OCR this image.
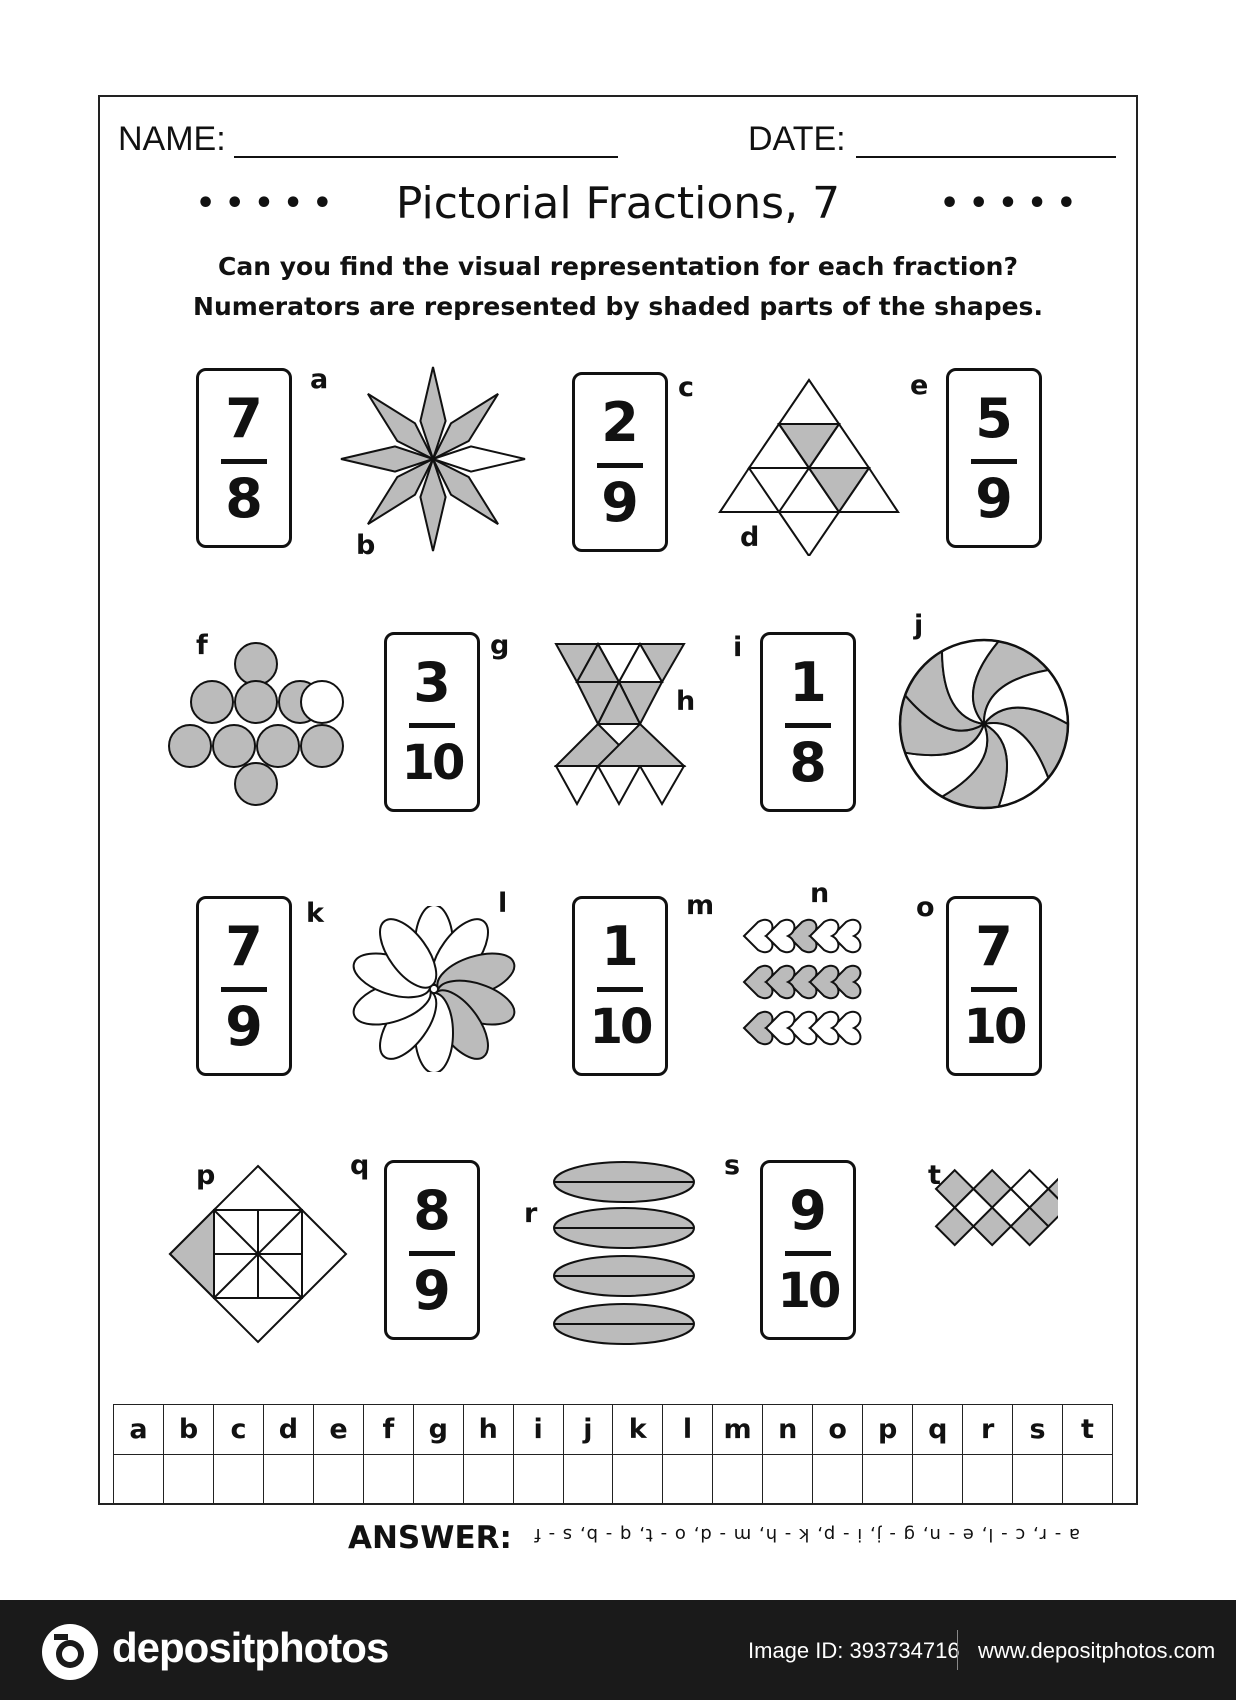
NAME:	DATE:
•••••	•••••
Pictorial Fractions, 7
Can you find the visual representation for each fraction?
Numerators are represented by shaded parts of the shapes.
7
8
a
2
9
c	5
9
e
3
10
g
1
8
i
7
9
k
1
10
m
7
10
o
8
9
q
9
10
s
b	d
f
h
j
l	n
p
r
t
a	b	c	d	e	f	g	h	i	j	k	l	m	n	o	p	q	r	s	t

ANSWER: a - r, c - l, e - n, g - j, i - p, k - h, m - d, o - t, q - b, s - f
depositphotos	Image ID: 393734716 www.depositphotos.com
